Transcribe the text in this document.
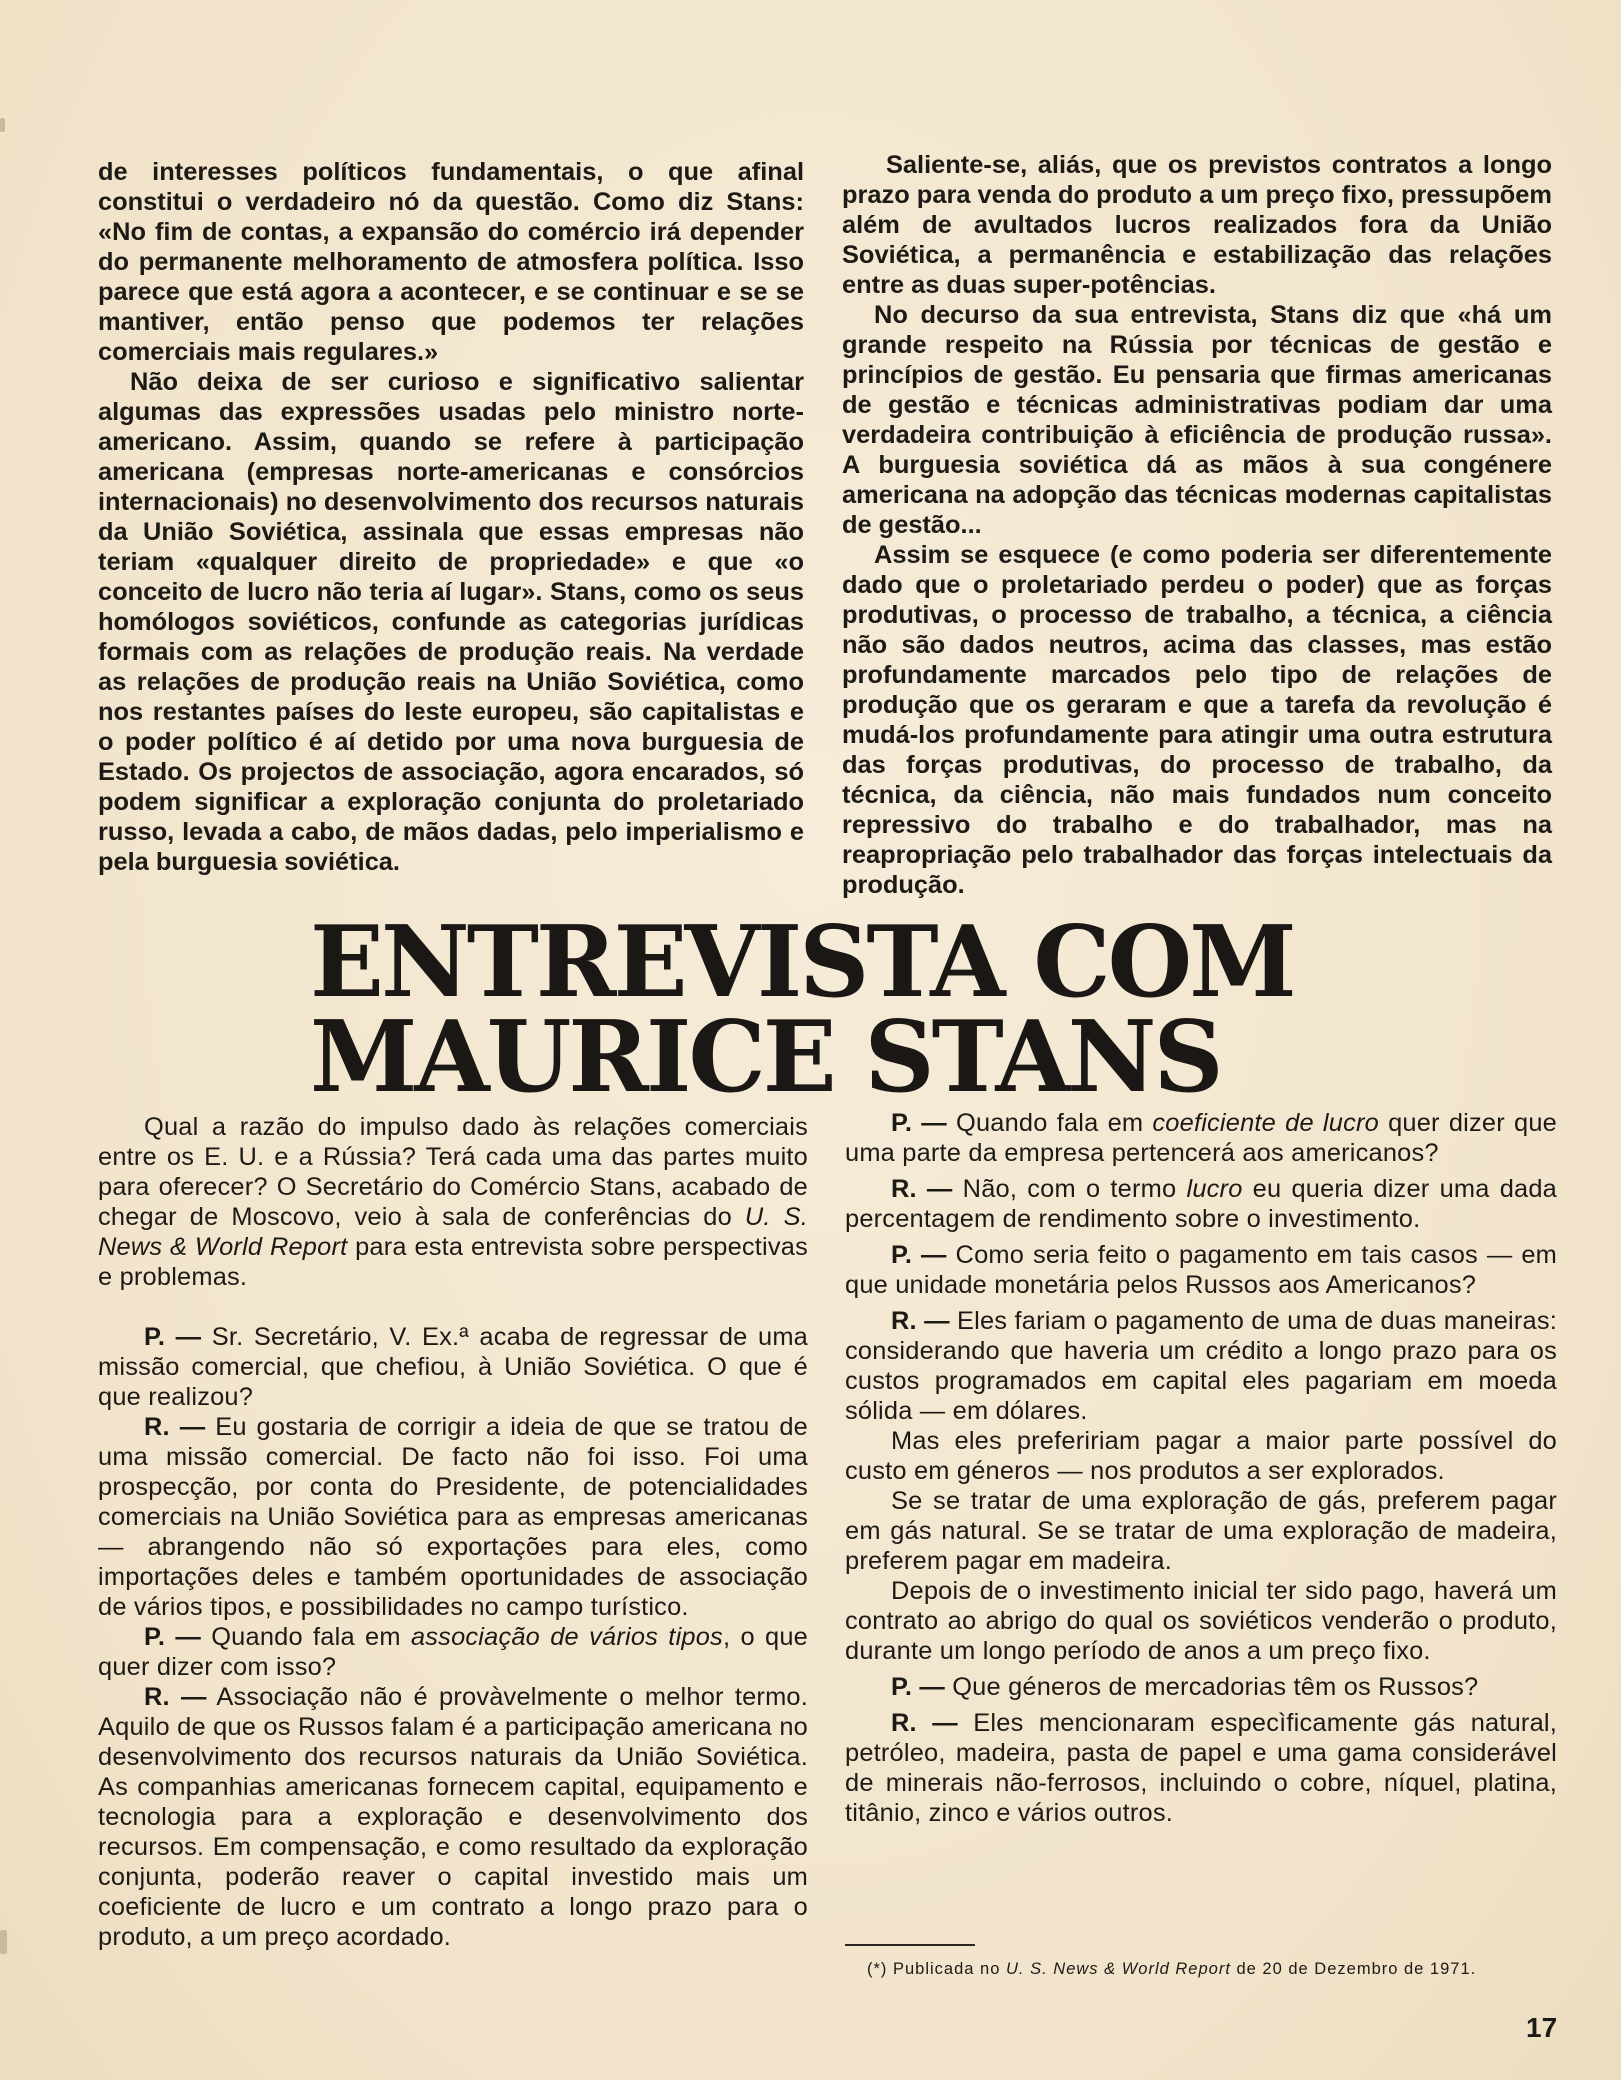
de interesses políticos fundamentais, o que afinal constitui o verdadeiro nó da questão. Como diz Stans: «No fim de contas, a expansão do comércio irá depender do permanente melhoramento de atmosfera política. Isso parece que está agora a acontecer, e se continuar e se se mantiver, então penso que podemos ter relações comerciais mais regulares.»

Não deixa de ser curioso e significativo salientar algumas das expressões usadas pelo ministro norte-americano. Assim, quando se refere à participação americana (empresas norte-americanas e consórcios internacionais) no desenvolvimento dos recursos naturais da União Soviética, assinala que essas empresas não teriam «qualquer direito de propriedade» e que «o conceito de lucro não teria aí lugar». Stans, como os seus homólogos soviéticos, confunde as categorias jurídicas formais com as relações de produção reais. Na verdade as relações de produção reais na União Soviética, como nos restantes países do leste europeu, são capitalistas e o poder político é aí detido por uma nova burguesia de Estado. Os projectos de associação, agora encarados, só podem significar a exploração conjunta do proletariado russo, levada a cabo, de mãos dadas, pelo imperialismo e pela burguesia soviética.

Saliente-se, aliás, que os previstos contratos a longo prazo para venda do produto a um preço fixo, pressupõem além de avultados lucros realizados fora da União Soviética, a permanência e estabilização das relações entre as duas super-potências.

No decurso da sua entrevista, Stans diz que «há um grande respeito na Rússia por técnicas de gestão e princípios de gestão. Eu pensaria que firmas americanas de gestão e técnicas administrativas podiam dar uma verdadeira contribuição à eficiência de produção russa». A burguesia soviética dá as mãos à sua congénere americana na adopção das técnicas modernas capitalistas de gestão...

Assim se esquece (e como poderia ser diferentemente dado que o proletariado perdeu o poder) que as forças produtivas, o processo de trabalho, a técnica, a ciência não são dados neutros, acima das classes, mas estão profundamente marcados pelo tipo de relações de produção que os geraram e que a tarefa da revolução é mudá-los profundamente para atingir uma outra estrutura das forças produtivas, do processo de trabalho, da técnica, da ciência, não mais fundados num conceito repressivo do trabalho e do trabalhador, mas na reapropriação pelo trabalhador das forças intelectuais da produção.

ENTREVISTA COM
MAURICE STANS

Qual a razão do impulso dado às relações comerciais entre os E. U. e a Rússia? Terá cada uma das partes muito para oferecer? O Secretário do Comércio Stans, acabado de chegar de Moscovo, veio à sala de conferências do U. S. News & World Report para esta entrevista sobre perspectivas e problemas.

P. — Sr. Secretário, V. Ex.ª acaba de regressar de uma missão comercial, que chefiou, à União Soviética. O que é que realizou?

R. — Eu gostaria de corrigir a ideia de que se tratou de uma missão comercial. De facto não foi isso. Foi uma prospecção, por conta do Presidente, de potencialidades comerciais na União Soviética para as empresas americanas — abrangendo não só exportações para eles, como importações deles e também oportunidades de associação de vários tipos, e possibilidades no campo turístico.

P. — Quando fala em associação de vários tipos, o que quer dizer com isso?

R. — Associação não é provàvelmente o melhor termo. Aquilo de que os Russos falam é a participação americana no desenvolvimento dos recursos naturais da União Soviética. As companhias americanas fornecem capital, equipamento e tecnologia para a exploração e desenvolvimento dos recursos. Em compensação, e como resultado da exploração conjunta, poderão reaver o capital investido mais um coeficiente de lucro e um contrato a longo prazo para o produto, a um preço acordado.

P. — Quando fala em coeficiente de lucro quer dizer que uma parte da empresa pertencerá aos americanos?

R. — Não, com o termo lucro eu queria dizer uma dada percentagem de rendimento sobre o investimento.

P. — Como seria feito o pagamento em tais casos — em que unidade monetária pelos Russos aos Americanos?

R. — Eles fariam o pagamento de uma de duas maneiras: considerando que haveria um crédito a longo prazo para os custos programados em capital eles pagariam em moeda sólida — em dólares.

Mas eles prefeririam pagar a maior parte possível do custo em géneros — nos produtos a ser explorados.

Se se tratar de uma exploração de gás, preferem pagar em gás natural. Se se tratar de uma exploração de madeira, preferem pagar em madeira.

Depois de o investimento inicial ter sido pago, haverá um contrato ao abrigo do qual os soviéticos venderão o produto, durante um longo período de anos a um preço fixo.

P. — Que géneros de mercadorias têm os Russos?

R. — Eles mencionaram especìficamente gás natural, petróleo, madeira, pasta de papel e uma gama considerável de minerais não-ferrosos, incluindo o cobre, níquel, platina, titânio, zinco e vários outros.

(*) Publicada no U. S. News & World Report de 20 de Dezembro de 1971.

17
